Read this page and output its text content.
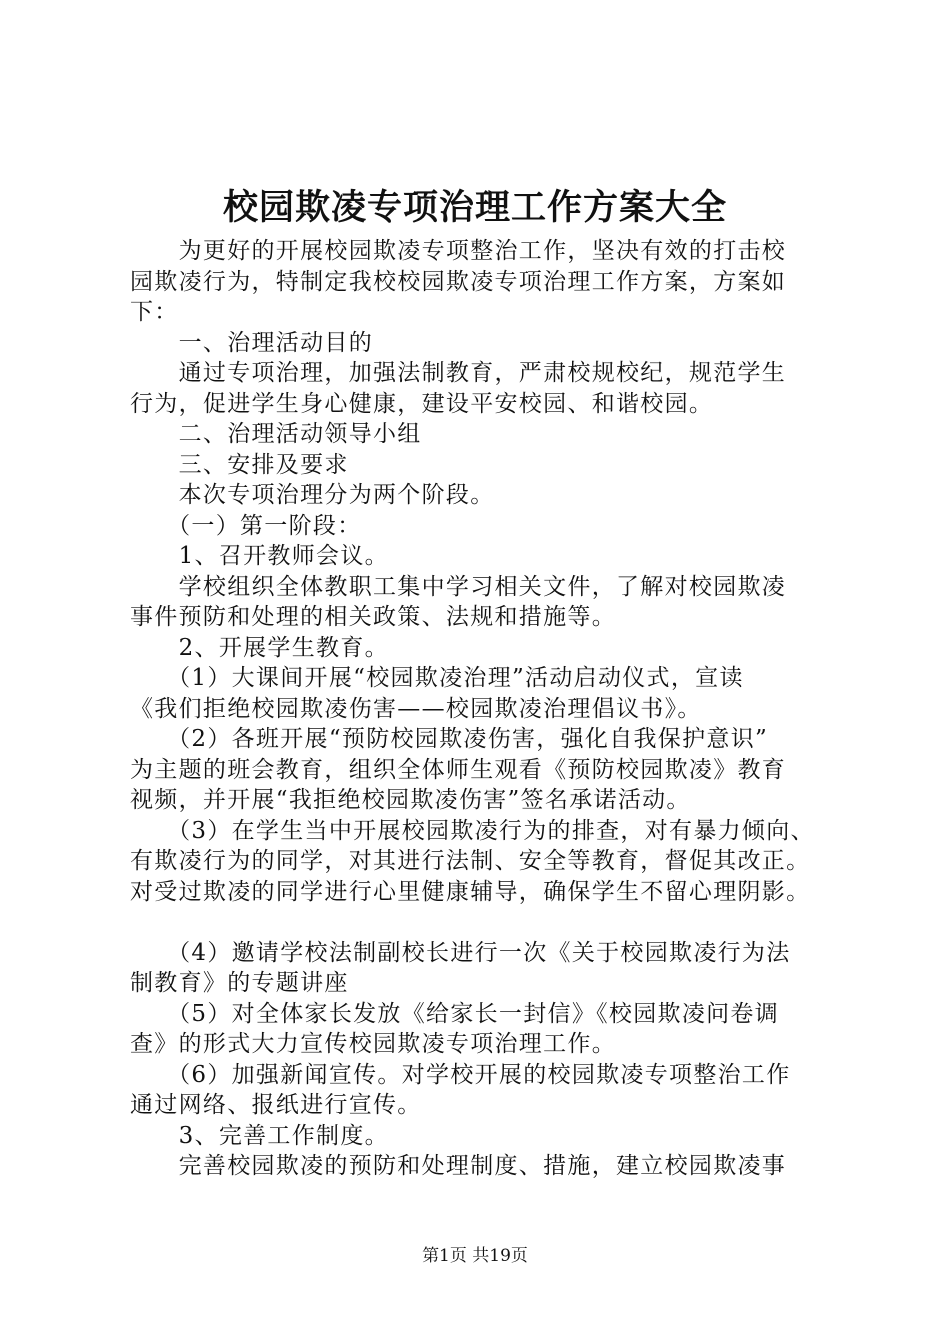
校园欺凌专项治理工作方案大全
　　为更好的开展校园欺凌专项整治工作，坚决有效的打击校
园欺凌行为，特制定我校校园欺凌专项治理工作方案，方案如
下：
　　一、治理活动目的
　　通过专项治理，加强法制教育，严肃校规校纪，规范学生
行为，促进学生身心健康，建设平安校园、和谐校园。
　　二、治理活动领导小组
　　三、安排及要求
　　本次专项治理分为两个阶段。
　　（一）第一阶段：
　　1、召开教师会议。
　　学校组织全体教职工集中学习相关文件，了解对校园欺凌
事件预防和处理的相关政策、法规和措施等。
　　2、开展学生教育。
　　（1）大课间开展“校园欺凌治理”活动启动仪式，宣读
《我们拒绝校园欺凌伤害——校园欺凌治理倡议书》。
　　（2）各班开展“预防校园欺凌伤害，强化自我保护意识”
为主题的班会教育，组织全体师生观看《预防校园欺凌》教育
视频，并开展“我拒绝校园欺凌伤害”签名承诺活动。
　　（3）在学生当中开展校园欺凌行为的排查，对有暴力倾向、
有欺凌行为的同学，对其进行法制、安全等教育，督促其改正。
对受过欺凌的同学进行心里健康辅导，确保学生不留心理阴影。
　　（4）邀请学校法制副校长进行一次《关于校园欺凌行为法
制教育》的专题讲座
　　（5）对全体家长发放《给家长一封信》《校园欺凌问卷调
查》的形式大力宣传校园欺凌专项治理工作。
　　（6）加强新闻宣传。对学校开展的校园欺凌专项整治工作
通过网络、报纸进行宣传。
　　3、完善工作制度。
　　完善校园欺凌的预防和处理制度、措施，建立校园欺凌事
第1页 共19页
